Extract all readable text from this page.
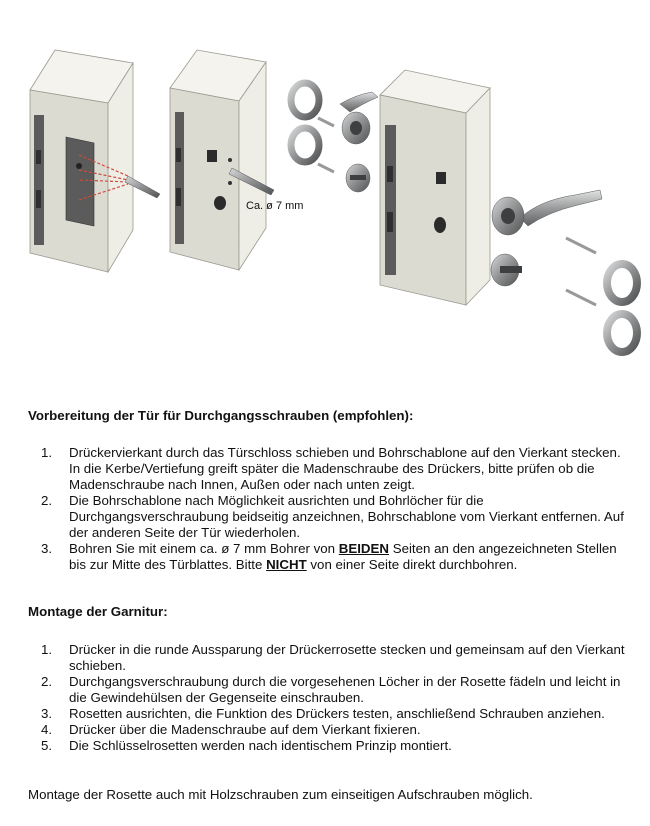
Ca. ø 7 mm

Vorbereitung der Tür für Durchgangsschrauben (empfohlen):

1. Drückervierkant durch das Türschloss schieben und Bohrschablone auf den Vierkant stecken. In die Kerbe/Vertiefung greift später die Madenschraube des Drückers, bitte prüfen ob die Madenschraube nach Innen, Außen oder nach unten zeigt.
2. Die Bohrschablone nach Möglichkeit ausrichten und Bohrlöcher für die Durchgangsverschraubung beidseitig anzeichnen, Bohrschablone vom Vierkant entfernen. Auf der anderen Seite der Tür wiederholen.
3. Bohren Sie mit einem ca. ø 7 mm Bohrer von BEIDEN Seiten an den angezeichneten Stellen bis zur Mitte des Türblattes. Bitte NICHT von einer Seite direkt durchbohren.

Montage der Garnitur:

1. Drücker in die runde Aussparung der Drückerrosette stecken und gemeinsam auf den Vierkant schieben.
2. Durchgangsverschraubung durch die vorgesehenen Löcher in der Rosette fädeln und leicht in die Gewindehülsen der Gegenseite einschrauben.
3. Rosetten ausrichten, die Funktion des Drückers testen, anschließend Schrauben anziehen.
4. Drücker über die Madenschraube auf dem Vierkant fixieren.
5. Die Schlüsselrosetten werden nach identischem Prinzip montiert.

Montage der Rosette auch mit Holzschrauben zum einseitigen Aufschrauben möglich.
